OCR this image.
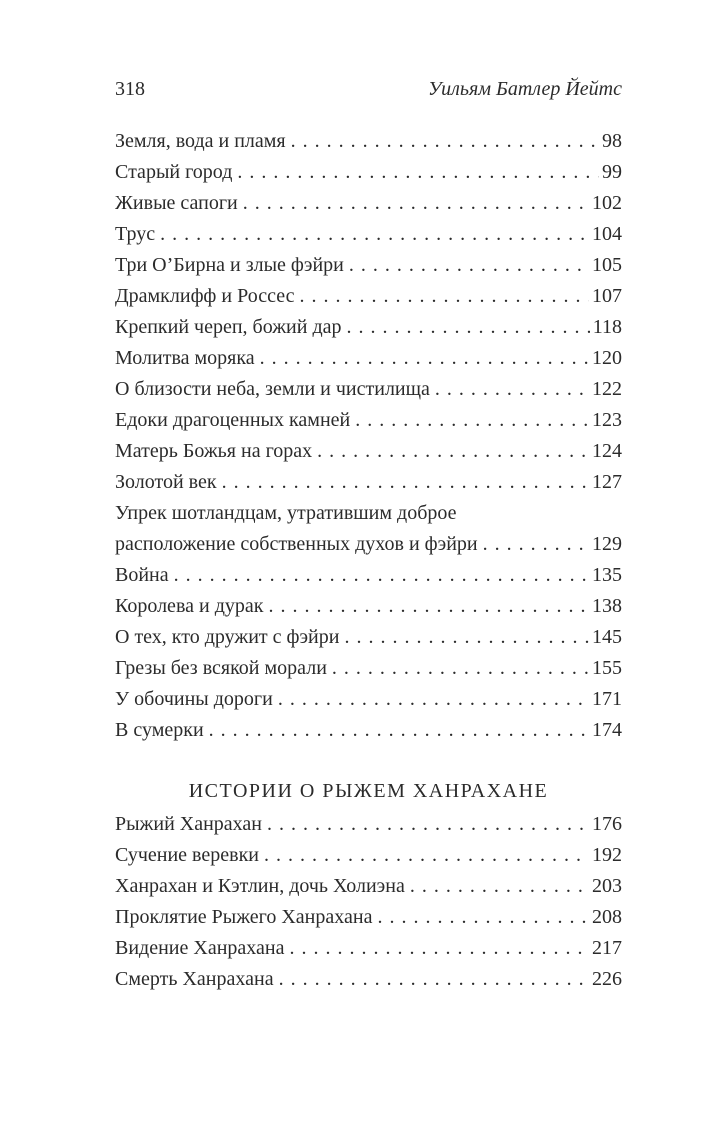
318	Уильям Батлер Йейтс
Земля, вода и пламя . . .	98
Старый город . . .	99
Живые сапоги . . .	102
Трус . . .	104
Три О’Бирна и злые фэйри . . .	105
Драмклифф и Россес . . .	107
Крепкий череп, божий дар . . .	118
Молитва моряка . . .	120
О близости неба, земли и чистилища . . .	122
Едоки драгоценных камней . . .	123
Матерь Божья на горах . . .	124
Золотой век . . .	127
Упрек шотландцам, утратившим доброе
расположение собственных духов и фэйри . . .	129
Война . . .	135
Королева и дурак . . .	138
О тех, кто дружит с фэйри . . .	145
Грезы без всякой морали . . .	155
У обочины дороги . . .	171
В сумерки . . .	174
ИСТОРИИ О РЫЖЕМ ХАНРАХАНЕ
Рыжий Ханрахан . . .	176
Сучение веревки . . .	192
Ханрахан и Кэтлин, дочь Холиэна . . .	203
Проклятие Рыжего Ханрахана . . .	208
Видение Ханрахана . . .	217
Смерть Ханрахана . . .	226
